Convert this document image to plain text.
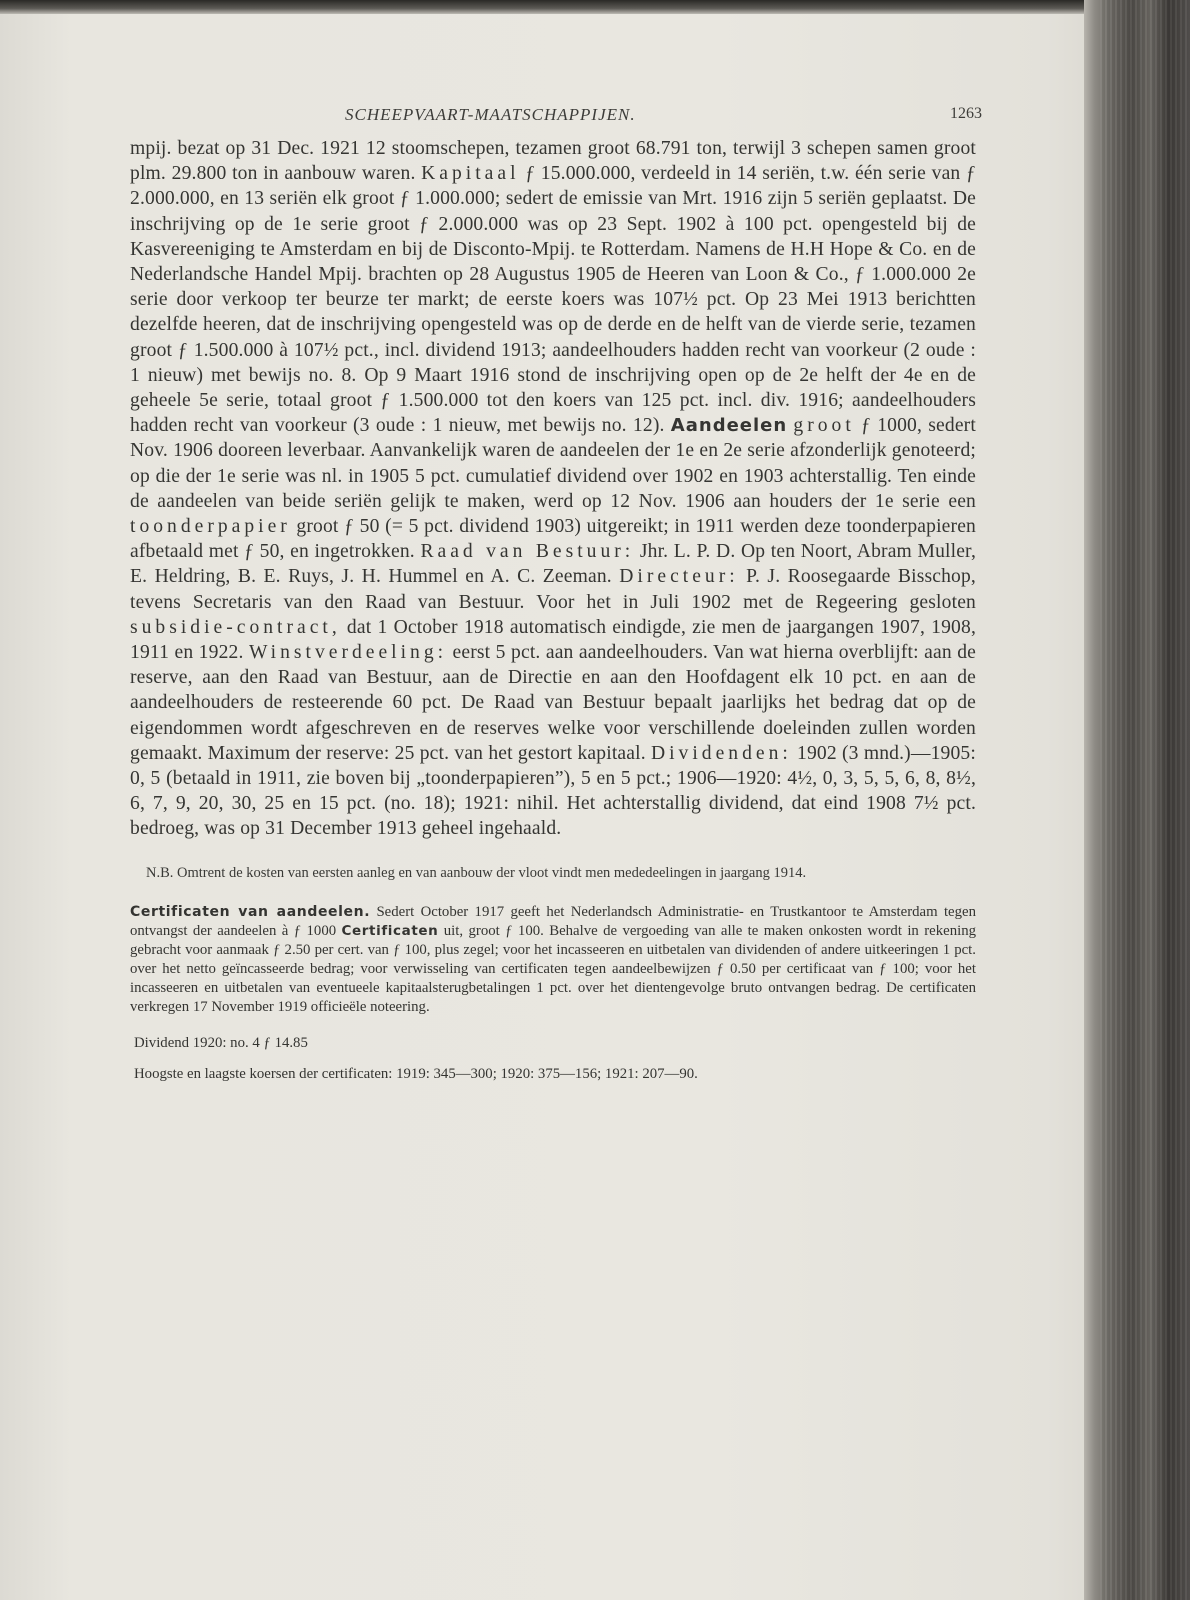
SCHEEPVAART-MAATSCHAPPIJEN.	1263

mpij. bezat op 31 Dec. 1921 12 stoomschepen, tezamen groot 68.791 ton, terwijl 3 schepen samen groot plm. 29.800 ton in aanbouw waren. Kapitaal ƒ 15.000.000, verdeeld in 14 seriën, t.w. één serie van ƒ 2.000.000, en 13 seriën elk groot ƒ 1.000.000; sedert de emissie van Mrt. 1916 zijn 5 seriën geplaatst. De inschrijving op de 1e serie groot ƒ 2.000.000 was op 23 Sept. 1902 à 100 pct. opengesteld bij de Kasvereeniging te Amsterdam en bij de Disconto-Mpij. te Rotterdam. Namens de H.H Hope & Co. en de Nederlandsche Handel Mpij. brachten op 28 Augustus 1905 de Heeren van Loon & Co., ƒ 1.000.000 2e serie door verkoop ter beurze ter markt; de eerste koers was 107½ pct. Op 23 Mei 1913 berichtten dezelfde heeren, dat de inschrijving opengesteld was op de derde en de helft van de vierde serie, tezamen groot ƒ 1.500.000 à 107½ pct., incl. dividend 1913; aandeelhouders hadden recht van voorkeur (2 oude : 1 nieuw) met bewijs no. 8. Op 9 Maart 1916 stond de inschrijving open op de 2e helft der 4e en de geheele 5e serie, totaal groot ƒ 1.500.000 tot den koers van 125 pct. incl. div. 1916; aandeelhouders hadden recht van voorkeur (3 oude : 1 nieuw, met bewijs no. 12). Aandeelen groot ƒ 1000, sedert Nov. 1906 dooreen leverbaar. Aanvankelijk waren de aandeelen der 1e en 2e serie afzonderlijk genoteerd; op die der 1e serie was nl. in 1905 5 pct. cumulatief dividend over 1902 en 1903 achterstallig. Ten einde de aandeelen van beide seriën gelijk te maken, werd op 12 Nov. 1906 aan houders der 1e serie een toonderpapier groot ƒ 50 (= 5 pct. dividend 1903) uitgereikt; in 1911 werden deze toonderpapieren afbetaald met ƒ 50, en ingetrokken. Raad van Bestuur: Jhr. L. P. D. Op ten Noort, Abram Muller, E. Heldring, B. E. Ruys, J. H. Hummel en A. C. Zeeman. Directeur: P. J. Roosegaarde Bisschop, tevens Secretaris van den Raad van Bestuur. Voor het in Juli 1902 met de Regeering gesloten subsidie-contract, dat 1 October 1918 automatisch eindigde, zie men de jaargangen 1907, 1908, 1911 en 1922. Winstverdeeling: eerst 5 pct. aan aandeelhouders. Van wat hierna overblijft: aan de reserve, aan den Raad van Bestuur, aan de Directie en aan den Hoofdagent elk 10 pct. en aan de aandeelhouders de resteerende 60 pct. De Raad van Bestuur bepaalt jaarlijks het bedrag dat op de eigendommen wordt afgeschreven en de reserves welke voor verschillende doeleinden zullen worden gemaakt. Maximum der reserve: 25 pct. van het gestort kapitaal. Dividenden: 1902 (3 mnd.)—1905: 0, 5 (betaald in 1911, zie boven bij „toonderpapieren”), 5 en 5 pct.; 1906—1920: 4½, 0, 3, 5, 5, 6, 8, 8½, 6, 7, 9, 20, 30, 25 en 15 pct. (no. 18); 1921: nihil. Het achterstallig dividend, dat eind 1908 7½ pct. bedroeg, was op 31 December 1913 geheel ingehaald.

N.B. Omtrent de kosten van eersten aanleg en van aanbouw der vloot vindt men mededeelingen in jaargang 1914.
Certificaten van aandeelen. Sedert October 1917 geeft het Nederlandsch Administratie- en Trustkantoor te Amsterdam tegen ontvangst der aandeelen à ƒ 1000 Certificaten uit, groot ƒ 100. Behalve de vergoeding van alle te maken onkosten wordt in rekening gebracht voor aanmaak ƒ 2.50 per cert. van ƒ 100, plus zegel; voor het incasseeren en uitbetalen van dividenden of andere uitkeeringen 1 pct. over het netto geïncasseerde bedrag; voor verwisseling van certificaten tegen aandeelbewijzen ƒ 0.50 per certificaat van ƒ 100; voor het incasseeren en uitbetalen van eventueele kapitaalsterugbetalingen 1 pct. over het dientengevolge bruto ontvangen bedrag. De certificaten verkregen 17 November 1919 officieële noteering.
Dividend 1920: no. 4 ƒ 14.85
Hoogste en laagste koersen der certificaten: 1919: 345—300; 1920: 375—156; 1921: 207—90.
